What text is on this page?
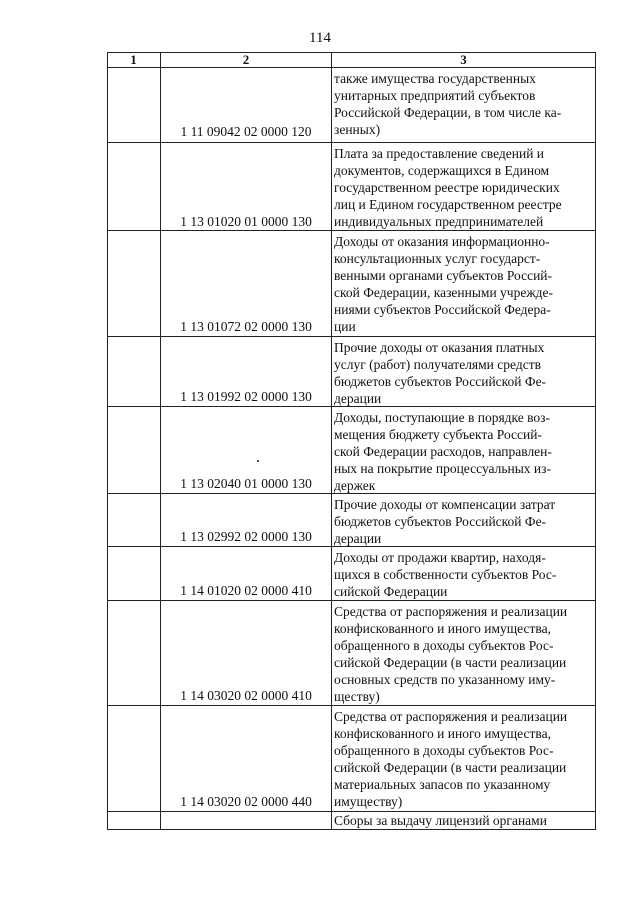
114
1	2	3
1 11 09042 02 0000 120
также имущества государственных
унитарных предприятий субъектов
Российской Федерации, в том числе ка-
зенных)
1 13 01020 01 0000 130
Плата за предоставление сведений и
документов, содержащихся в Едином
государственном реестре юридических
лиц и Едином государственном реестре
индивидуальных предпринимателей
1 13 01072 02 0000 130
Доходы от оказания информационно-
консультационных услуг государст-
венными органами субъектов Россий-
ской Федерации, казенными учрежде-
ниями субъектов Российской Федера-
ции
1 13 01992 02 0000 130
Прочие доходы от оказания платных
услуг (работ) получателями средств
бюджетов субъектов Российской Фе-
дерации
1 13 02040 01 0000 130
Доходы, поступающие в порядке воз-
мещения бюджету субъекта Россий-
ской Федерации расходов, направлен-
ных на покрытие процессуальных из-
держек
1 13 02992 02 0000 130
Прочие доходы от компенсации затрат
бюджетов субъектов Российской Фе-
дерации
1 14 01020 02 0000 410
Доходы от продажи квартир, находя-
щихся в собственности субъектов Рос-
сийской Федерации
1 14 03020 02 0000 410
Средства от распоряжения и реализации
конфискованного и иного имущества,
обращенного в доходы субъектов Рос-
сийской Федерации (в части реализации
основных средств по указанному иму-
ществу)
1 14 03020 02 0000 440
Средства от распоряжения и реализации
конфискованного и иного имущества,
обращенного в доходы субъектов Рос-
сийской Федерации (в части реализации
материальных запасов по указанному
имуществу)
Сборы за выдачу лицензий органами
